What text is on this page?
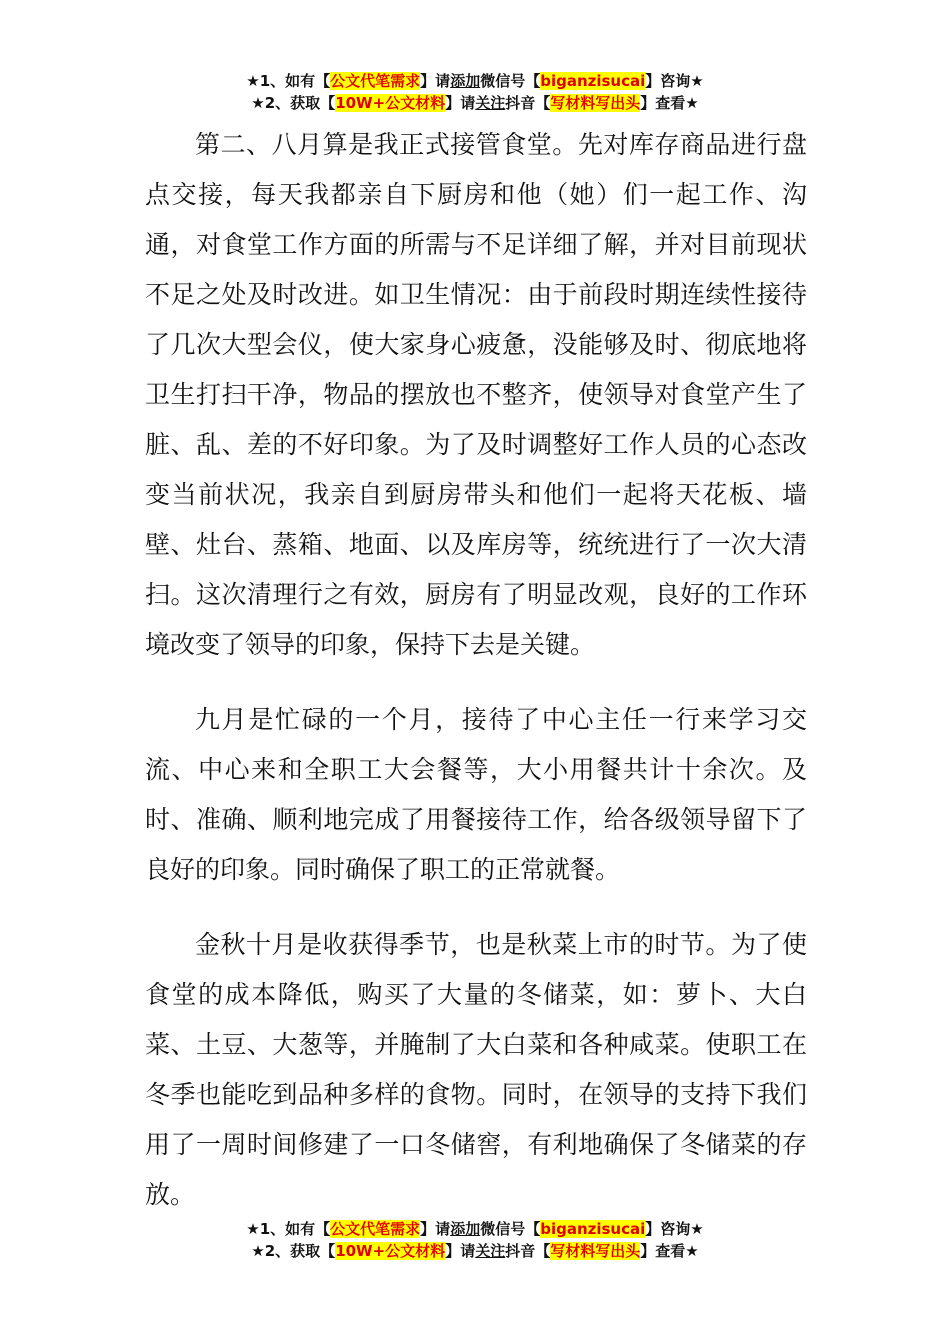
★1、如有【公文代笔需求】请添加微信号【biganzisucai】咨询★
★2、获取【10W+公文材料】请关注抖音【写材料写出头】查看★

第二、八月算是我正式接管食堂。先对库存商品进行盘点交接，每天我都亲自下厨房和他（她）们一起工作、沟通，对食堂工作方面的所需与不足详细了解，并对目前现状不足之处及时改进。如卫生情况：由于前段时期连续性接待了几次大型会仪，使大家身心疲惫，没能够及时、彻底地将卫生打扫干净，物品的摆放也不整齐，使领导对食堂产生了脏、乱、差的不好印象。为了及时调整好工作人员的心态改变当前状况，我亲自到厨房带头和他们一起将天花板、墙壁、灶台、蒸箱、地面、以及库房等，统统进行了一次大清扫。这次清理行之有效，厨房有了明显改观，良好的工作环境改变了领导的印象，保持下去是关键。

九月是忙碌的一个月，接待了中心主任一行来学习交流、中心来和全职工大会餐等，大小用餐共计十余次。及时、准确、顺利地完成了用餐接待工作，给各级领导留下了良好的印象。同时确保了职工的正常就餐。

金秋十月是收获得季节，也是秋菜上市的时节。为了使食堂的成本降低，购买了大量的冬储菜，如：萝卜、大白菜、土豆、大葱等，并腌制了大白菜和各种咸菜。使职工在冬季也能吃到品种多样的食物。同时，在领导的支持下我们用了一周时间修建了一口冬储窖，有利地确保了冬储菜的存放。

★1、如有【公文代笔需求】请添加微信号【biganzisucai】咨询★
★2、获取【10W+公文材料】请关注抖音【写材料写出头】查看★
